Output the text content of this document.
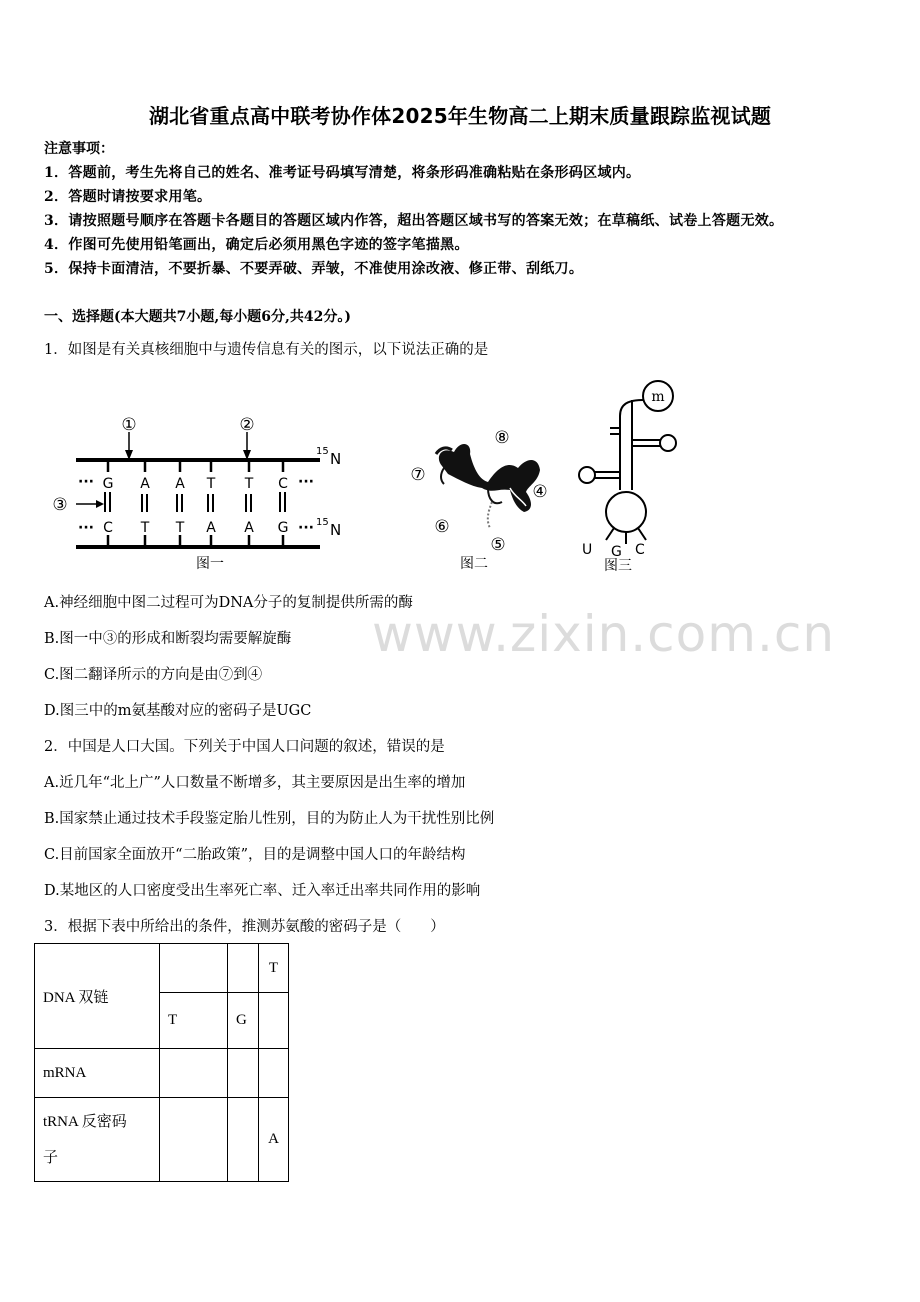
湖北省重点高中联考协作体2025年生物高二上期末质量跟踪监视试题
注意事项：
1．答题前，考生先将自己的姓名、准考证号码填写清楚，将条形码准确粘贴在条形码区域内。
2．答题时请按要求用笔。
3．请按照题号顺序在答题卡各题目的答题区域内作答，超出答题区域书写的答案无效；在草稿纸、试卷上答题无效。
4．作图可先使用铅笔画出，确定后必须用黑色字迹的签字笔描黑。
5．保持卡面清洁，不要折暴、不要弄破、弄皱，不准使用涂改液、修正带、刮纸刀。
一、选择题(本大题共7小题,每小题6分,共42分。)
1．如图是有关真核细胞中与遗传信息有关的图示，以下说法正确的是
G A A T T C
C T T A A G
···
···
···
···
15 N
15 N
①	②
③
图一
⑧
⑦
④
⑥
⑤
图二
m
U G C
图三
www.zixin.com.cn
A.神经细胞中图二过程可为DNA分子的复制提供所需的酶
B.图一中③的形成和断裂均需要解旋酶
C.图二翻译所示的方向是由⑦到④
D.图三中的m氨基酸对应的密码子是UGC
2．中国是人口大国。下列关于中国人口问题的叙述，错误的是
A.近几年“北上广”人口数量不断增多，其主要原因是出生率的增加
B.国家禁止通过技术手段鉴定胎儿性别，目的为防止人为干扰性别比例
C.目前国家全面放开“二胎政策”，目的是调整中国人口的年龄结构
D.某地区的人口密度受出生率死亡率、迁入率迁出率共同作用的影响
3．根据下表中所给出的条件，推测苏氨酸的密码子是（　　）
DNA 双链			T
	T	G	
mRNA			
tRNA 反密码
子			A
